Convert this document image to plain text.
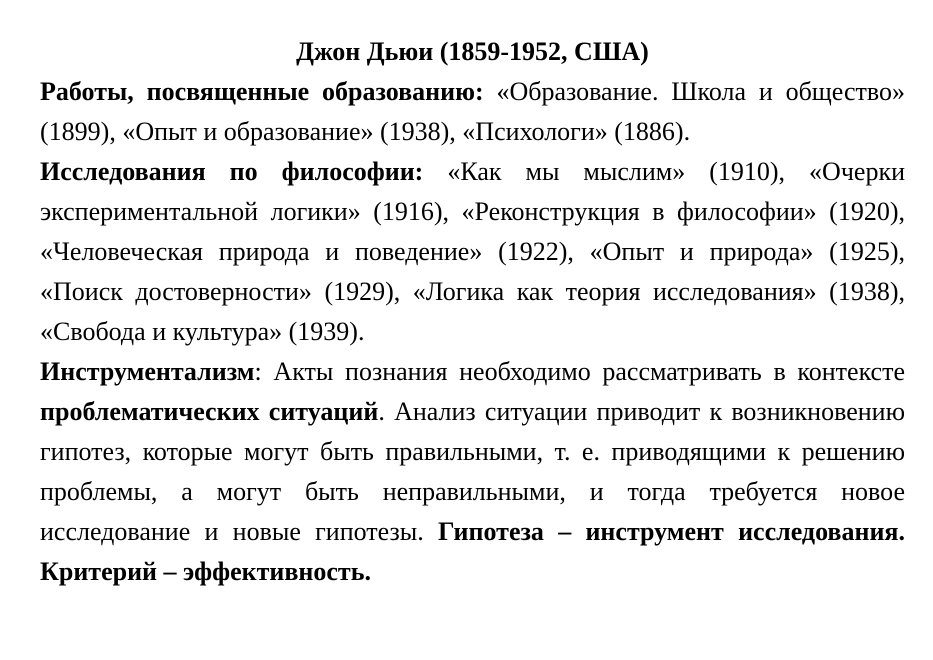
Джон Дьюи (1859-1952, США)

Работы, посвященные образованию: «Образование. Школа и общество» (1899), «Опыт и образование» (1938), «Психологи» (1886).

Исследования по философии: «Как мы мыслим» (1910), «Очерки экспериментальной логики» (1916), «Реконструкция в философии» (1920), «Человеческая природа и поведение» (1922), «Опыт и природа» (1925), «Поиск достоверности» (1929), «Логика как теория исследования» (1938), «Свобода и культура» (1939).

Инструментализм: Акты познания необходимо рассматривать в контексте проблематических ситуаций. Анализ ситуации приводит к возникновению гипотез, которые могут быть правильными, т. е. приводящими к решению проблемы, а могут быть неправильными, и тогда требуется новое исследование и новые гипотезы. Гипотеза – инструмент исследования. Критерий – эффективность.
